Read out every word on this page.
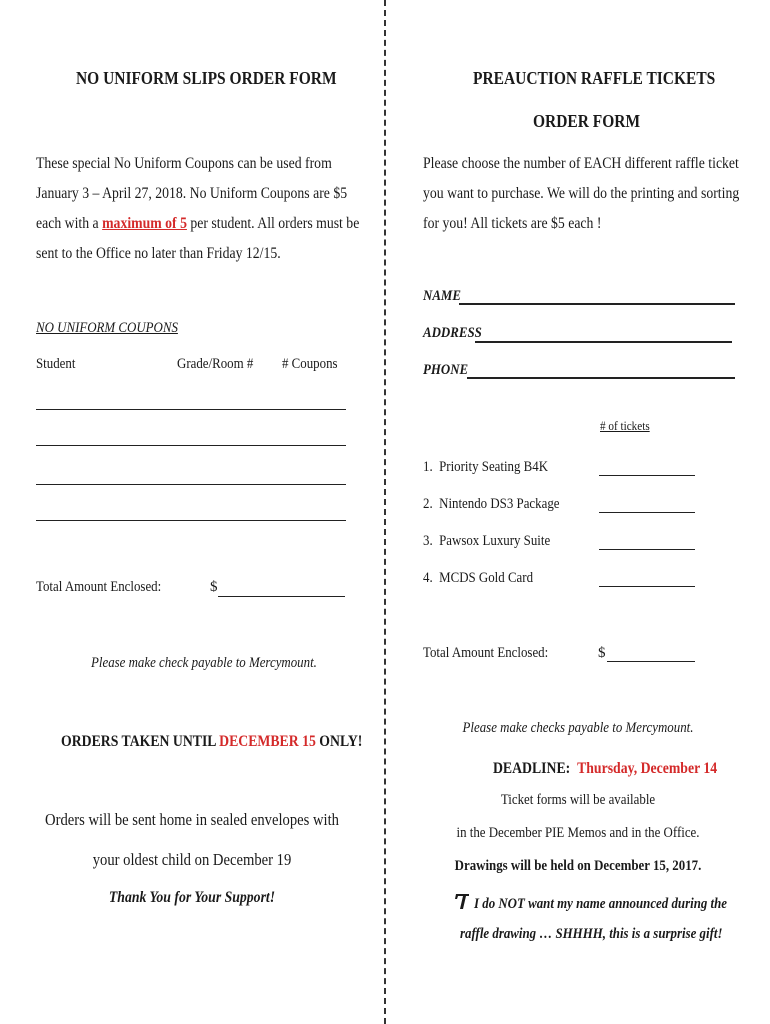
NO UNIFORM SLIPS ORDER FORM
These special No Uniform Coupons can be used from
January 3 – April 27, 2018. No Uniform Coupons are $5
each with a maximum of 5 per student. All orders must be
sent to the Office no later than Friday 12/15.
NO UNIFORM COUPONS
Student	Grade/Room # # Coupons
Total Amount Enclosed:	$
Please make check payable to Mercymount.
ORDERS TAKEN UNTIL DECEMBER 15 ONLY!
Orders will be sent home in sealed envelopes with
your oldest child on December 19
Thank You for Your Support!
PREAUCTION RAFFLE TICKETS
ORDER FORM
Please choose the number of EACH different raffle ticket
you want to purchase. We will do the printing and sorting
for you! All tickets are $5 each !
NAME
ADDRESS
PHONE
# of tickets
1. Priority Seating B4K
2. Nintendo DS3 Package
3. Pawsox Luxury Suite
4. MCDS Gold Card
Total Amount Enclosed:	$
Please make checks payable to Mercymount.
DEADLINE: Thursday, December 14
Ticket forms will be available
in the December PIE Memos and in the Office.
Drawings will be held on December 15, 2017.
I do NOT want my name announced during the
raffle drawing … SHHHH, this is a surprise gift!
